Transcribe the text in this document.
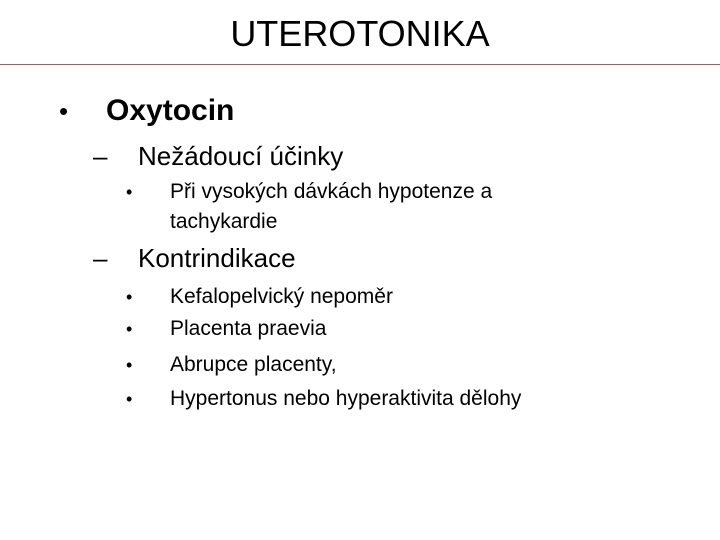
UTEROTONIKA
• Oxytocin
– Nežádoucí účinky
• Při vysokých dávkách hypotenze a
tachykardie
– Kontrindikace
• Kefalopelvický nepoměr
• Placenta praevia
• Abrupce placenty,
• Hypertonus nebo hyperaktivita dělohy
